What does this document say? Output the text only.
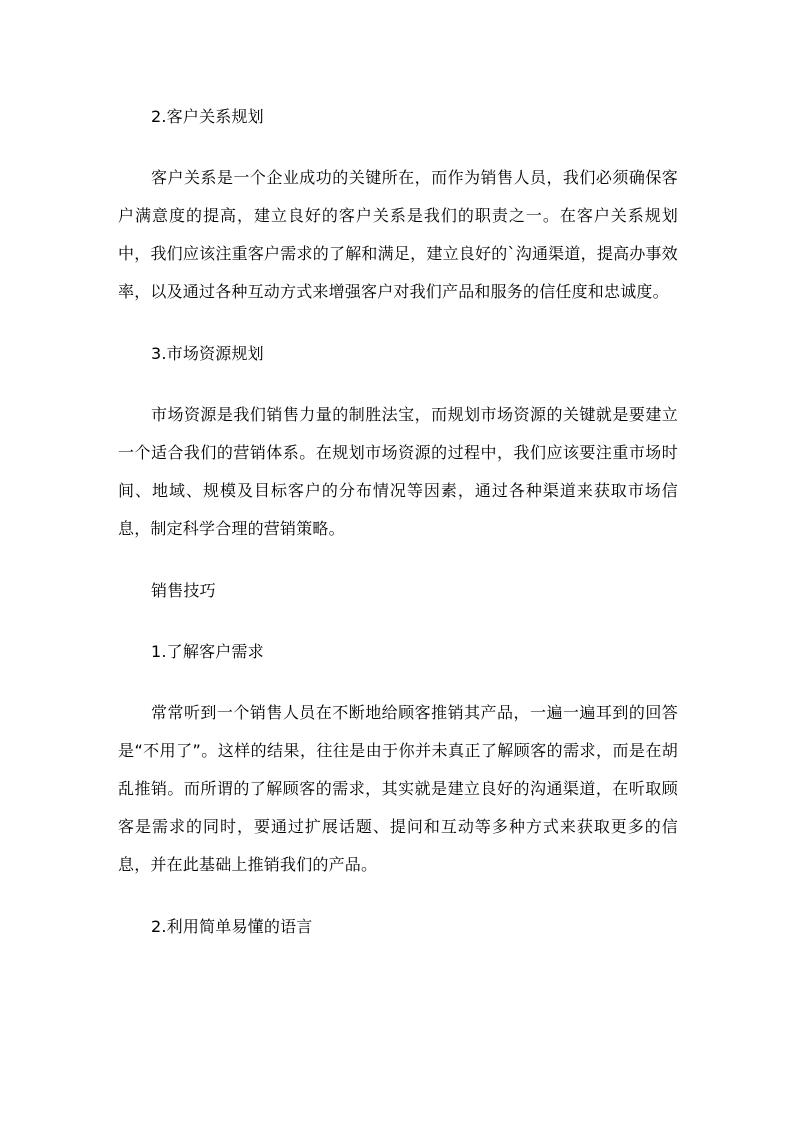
2.客户关系规划

客户关系是一个企业成功的关键所在，而作为销售人员，我们必须确保客户满意度的提高，建立良好的客户关系是我们的职责之一。在客户关系规划中，我们应该注重客户需求的了解和满足，建立良好的`沟通渠道，提高办事效率，以及通过各种互动方式来增强客户对我们产品和服务的信任度和忠诚度。

3.市场资源规划

市场资源是我们销售力量的制胜法宝，而规划市场资源的关键就是要建立一个适合我们的营销体系。在规划市场资源的过程中，我们应该要注重市场时间、地域、规模及目标客户的分布情况等因素，通过各种渠道来获取市场信息，制定科学合理的营销策略。

销售技巧

1.了解客户需求

常常听到一个销售人员在不断地给顾客推销其产品，一遍一遍耳到的回答是“不用了”。这样的结果，往往是由于你并未真正了解顾客的需求，而是在胡乱推销。而所谓的了解顾客的需求，其实就是建立良好的沟通渠道，在听取顾客是需求的同时，要通过扩展话题、提问和互动等多种方式来获取更多的信息，并在此基础上推销我们的产品。

2.利用简单易懂的语言
